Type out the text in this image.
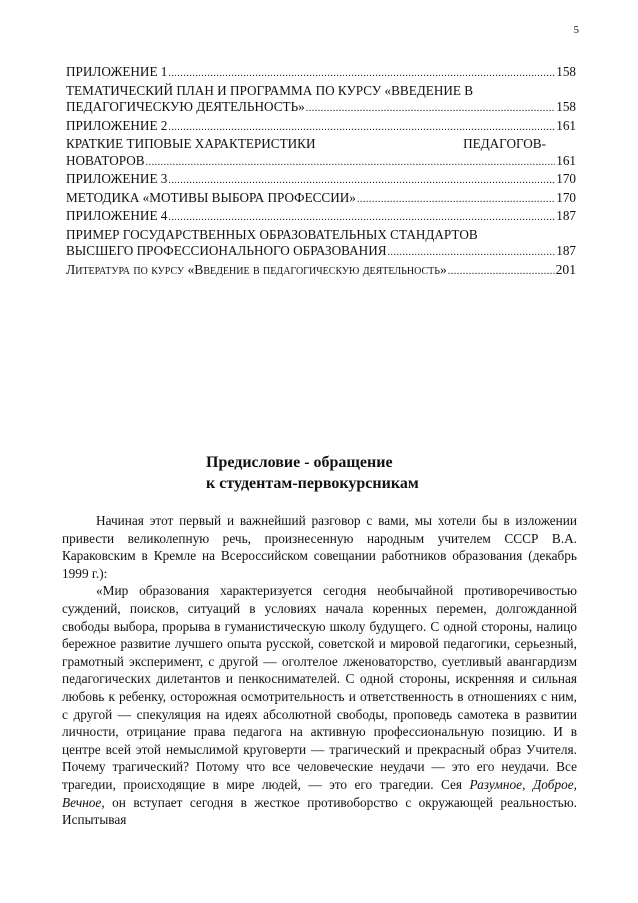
5
ПРИЛОЖЕНИЕ 1 .....	158
ТЕМАТИЧЕСКИЙ ПЛАН И ПРОГРАММА ПО КУРСУ «ВВЕДЕНИЕ В
ПЕДАГОГИЧЕСКУЮ ДЕЯТЕЛЬНОСТЬ» .....	158
ПРИЛОЖЕНИЕ 2 .....	161
КРАТКИЕ ТИПОВЫЕ ХАРАКТЕРИСТИКИ	ПЕДАГОГОВ-
НОВАТОРОВ .....	161
ПРИЛОЖЕНИЕ 3 .....	170
МЕТОДИКА «МОТИВЫ ВЫБОРА ПРОФЕССИИ» .....	170
ПРИЛОЖЕНИЕ 4 .....	187
ПРИМЕР ГОСУДАРСТВЕННЫХ ОБРАЗОВАТЕЛЬНЫХ СТАНДАРТОВ
ВЫСШЕГО ПРОФЕССИОНАЛЬНОГО ОБРАЗОВАНИЯ .....	187
Литература по курсу «Введение в педагогическую деятельность» .....	201
Предисловие - обращение
к студентам-первокурсникам

Начиная этот первый и важнейший разговор с вами, мы хотели бы в изложении привести великолепную речь, произнесенную народным учителем СССР В.А. Караковским в Кремле на Всероссийском совещании работников образования (декабрь 1999 г.):

«Мир образования характеризуется сегодня необычайной противоречивостью суждений, поисков, ситуаций в условиях начала коренных перемен, долгожданной свободы выбора, прорыва в гуманистическую школу будущего. С одной стороны, налицо бережное развитие лучшего опыта русской, советской и мировой педагогики, серьезный, грамотный эксперимент, с другой — оголтелое лженоваторство, суетливый авангардизм педагогических дилетантов и пенкоснимателей. С одной стороны, искренняя и сильная любовь к ребенку, осторожная осмотрительность и ответственность в отношениях с ним, с другой — спекуляция на идеях абсолютной свободы, проповедь самотека в развитии личности, отрицание права педагога на активную профессиональную позицию. И в центре всей этой немыслимой круговерти — трагический и прекрасный образ Учителя. Почему трагический? Потому что все человеческие неудачи — это его неудачи. Все трагедии, происходящие в мире людей, — это его трагедии. Сея Разумное, Доброе, Вечное, он вступает сегодня в жесткое противоборство с окружающей реальностью. Испытывая
